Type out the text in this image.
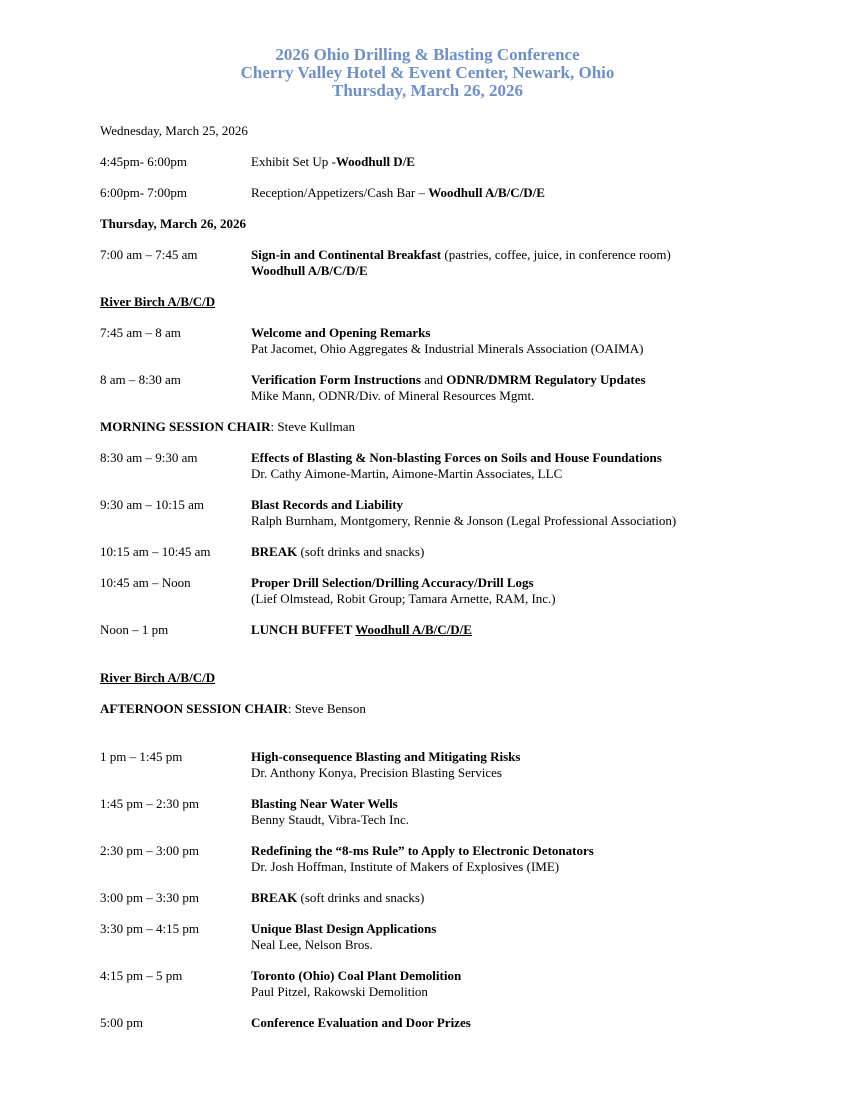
2026 Ohio Drilling & Blasting Conference
Cherry Valley Hotel & Event Center, Newark, Ohio
Thursday, March 26, 2026
Wednesday, March 25, 2026
4:45pm- 6:00pm	Exhibit Set Up -Woodhull D/E
6:00pm- 7:00pm	Reception/Appetizers/Cash Bar – Woodhull A/B/C/D/E
Thursday, March 26, 2026
7:00 am – 7:45 am	Sign-in and Continental Breakfast (pastries, coffee, juice, in conference room)
Woodhull A/B/C/D/E
River Birch A/B/C/D
7:45 am – 8 am	Welcome and Opening Remarks
Pat Jacomet, Ohio Aggregates & Industrial Minerals Association (OAIMA)
8 am – 8:30 am	Verification Form Instructions and ODNR/DMRM Regulatory Updates
Mike Mann, ODNR/Div. of Mineral Resources Mgmt.
MORNING SESSION CHAIR: Steve Kullman
8:30 am – 9:30 am	Effects of Blasting & Non-blasting Forces on Soils and House Foundations
Dr. Cathy Aimone-Martin, Aimone-Martin Associates, LLC
9:30 am – 10:15 am	Blast Records and Liability
Ralph Burnham, Montgomery, Rennie & Jonson (Legal Professional Association)
10:15 am – 10:45 am	BREAK (soft drinks and snacks)
10:45 am – Noon	Proper Drill Selection/Drilling Accuracy/Drill Logs
(Lief Olmstead, Robit Group; Tamara Arnette, RAM, Inc.)
Noon – 1 pm	LUNCH BUFFET Woodhull A/B/C/D/E
River Birch A/B/C/D
AFTERNOON SESSION CHAIR: Steve Benson
1 pm – 1:45 pm	High-consequence Blasting and Mitigating Risks
Dr. Anthony Konya, Precision Blasting Services
1:45 pm – 2:30 pm	Blasting Near Water Wells
Benny Staudt, Vibra-Tech Inc.
2:30 pm – 3:00 pm	Redefining the “8-ms Rule” to Apply to Electronic Detonators
Dr. Josh Hoffman, Institute of Makers of Explosives (IME)
3:00 pm – 3:30 pm	BREAK (soft drinks and snacks)
3:30 pm – 4:15 pm	Unique Blast Design Applications
Neal Lee, Nelson Bros.
4:15 pm – 5 pm	Toronto (Ohio) Coal Plant Demolition
Paul Pitzel, Rakowski Demolition
5:00 pm	Conference Evaluation and Door Prizes
